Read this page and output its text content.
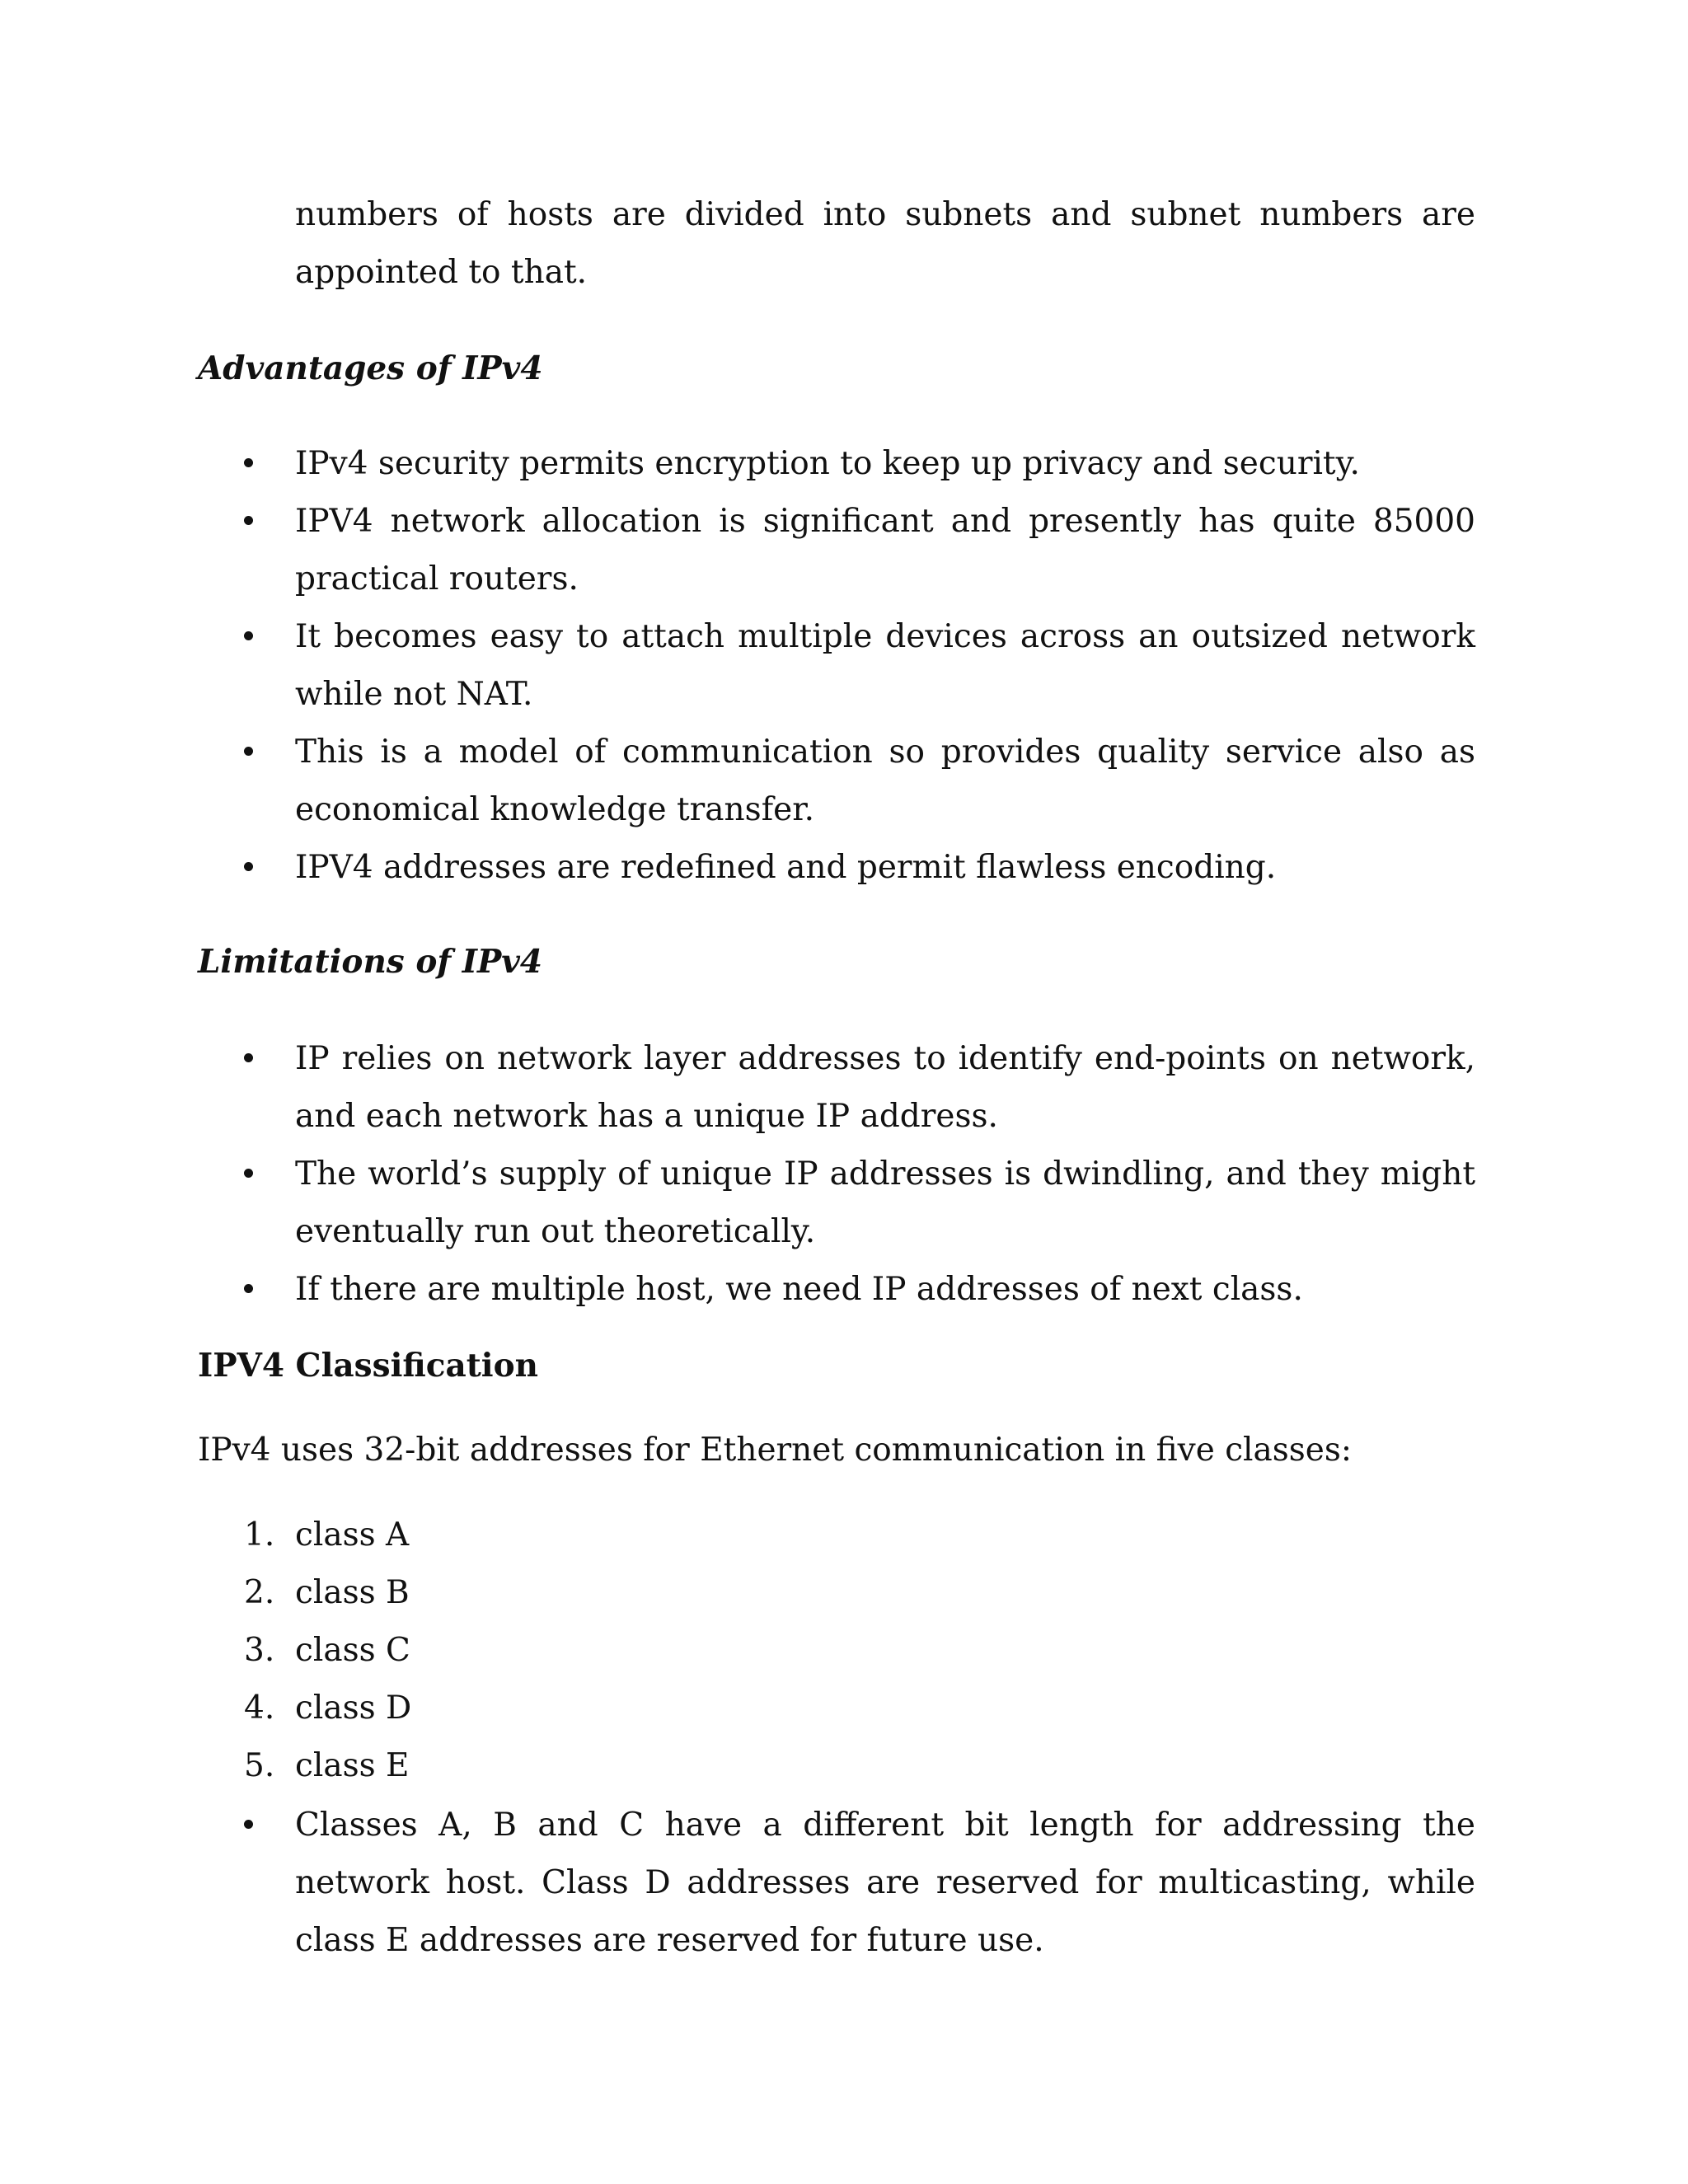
numbers of hosts are divided into subnets and subnet numbers are appointed to that.

Advantages of IPv4
IPv4 security permits encryption to keep up privacy and security.
IPV4 network allocation is significant and presently has quite 85000 practical routers.
It becomes easy to attach multiple devices across an outsized network while not NAT.
This is a model of communication so provides quality service also as economical knowledge transfer.
IPV4 addresses are redefined and permit flawless encoding.
Limitations of IPv4
IP relies on network layer addresses to identify end-points on network, and each network has a unique IP address.
The world’s supply of unique IP addresses is dwindling, and they might eventually run out theoretically.
If there are multiple host, we need IP addresses of next class.
IPV4 Classification

IPv4 uses 32-bit addresses for Ethernet communication in five classes:

1. class A
2. class B
3. class C
4. class D
5. class E
Classes A, B and C have a different bit length for addressing the network host. Class D addresses are reserved for multicasting, while class E addresses are reserved for future use.
